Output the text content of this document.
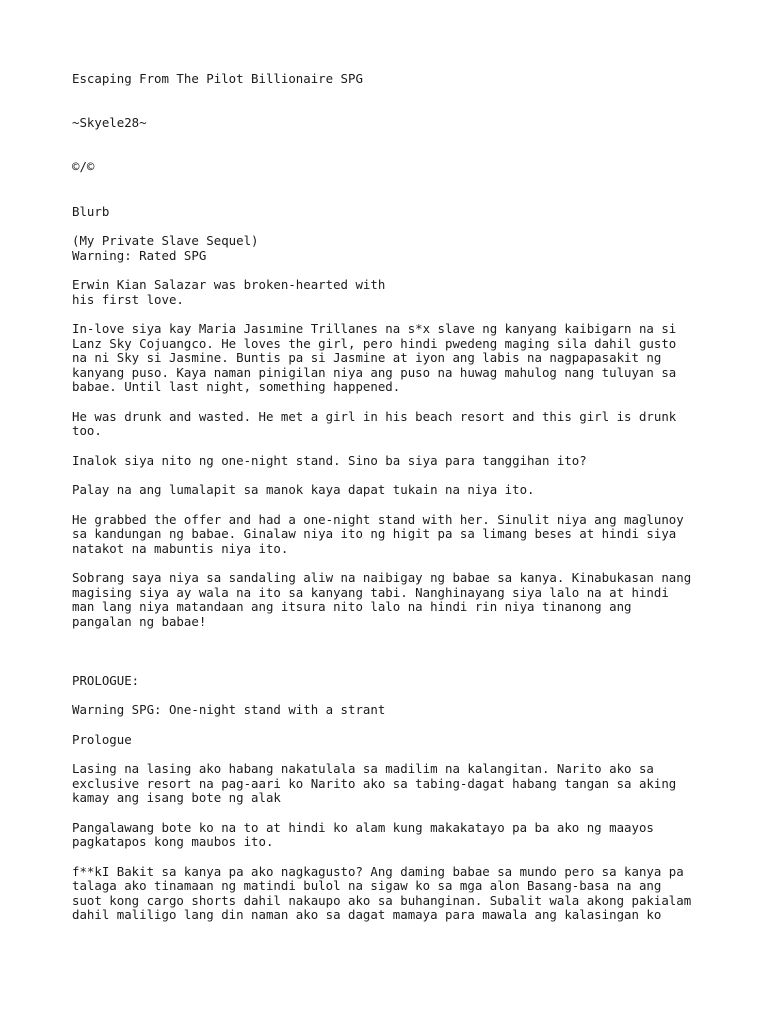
Escaping From The Pilot Billionaire SPG
~Skyele28~
©/©
Blurb
(My Private Slave Sequel)
Warning: Rated SPG
Erwin Kian Salazar was broken-hearted with
his first love.
In-love siya kay Maria Jasımine Trillanes na s*x slave ng kanyang kaibigarn na si
Lanz Sky Cojuangco. He loves the girl, pero hindi pwedeng maging sila dahil gusto
na ni Sky si Jasmine. Buntis pa si Jasmine at iyon ang labis na nagpapasakit ng
kanyang puso. Kaya naman pinigilan niya ang puso na huwag mahulog nang tuluyan sa
babae. Until last night, something happened.
He was drunk and wasted. He met a girl in his beach resort and this girl is drunk
too.
Inalok siya nito ng one-night stand. Sino ba siya para tanggihan ito?
Palay na ang lumalapit sa manok kaya dapat tukain na niya ito.
He grabbed the offer and had a one-night stand with her. Sinulit niya ang maglunoy
sa kandungan ng babae. Ginalaw niya ito ng higit pa sa limang beses at hindi siya
natakot na mabuntis niya ito.
Sobrang saya niya sa sandaling aliw na naibigay ng babae sa kanya. Kinabukasan nang
magising siya ay wala na ito sa kanyang tabi. Nanghinayang siya lalo na at hindi
man lang niya matandaan ang itsura nito lalo na hindi rin niya tinanong ang
pangalan ng babae!
PROLOGUE:
Warning SPG: One-night stand with a strant
Prologue
Lasing na lasing ako habang nakatulala sa madilim na kalangitan. Narito ako sa
exclusive resort na pag-aari ko Narito ako sa tabing-dagat habang tangan sa aking
kamay ang isang bote ng alak
Pangalawang bote ko na to at hindi ko alam kung makakatayo pa ba ako ng maayos
pagkatapos kong maubos ito.
f**kI Bakit sa kanya pa ako nagkagusto? Ang daming babae sa mundo pero sa kanya pa
talaga ako tinamaan ng matindi bulol na sigaw ko sa mga alon Basang-basa na ang
suot kong cargo shorts dahil nakaupo ako sa buhanginan. Subalit wala akong pakialam
dahil maliligo lang din naman ako sa dagat mamaya para mawala ang kalasingan ko
